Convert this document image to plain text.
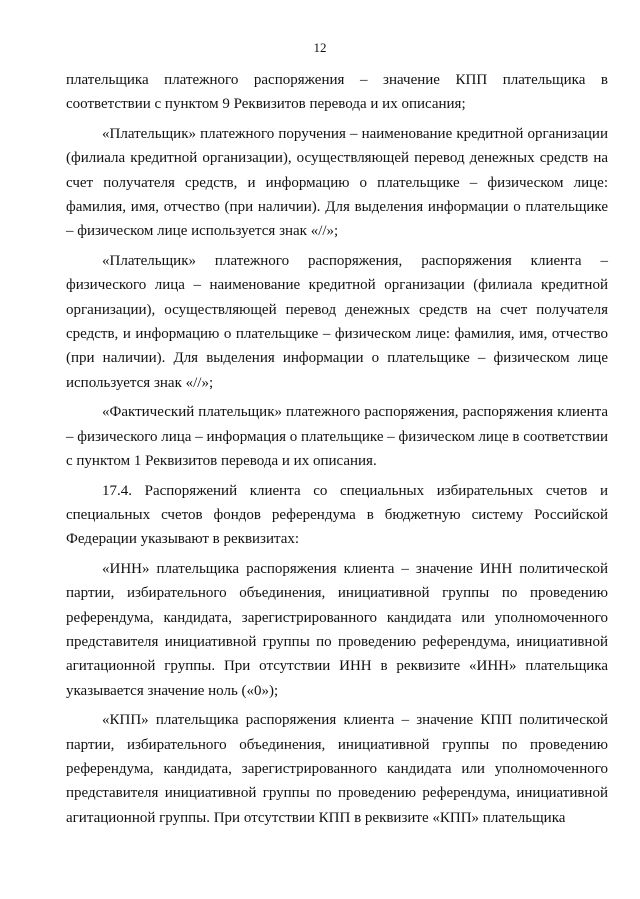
12

плательщика платежного распоряжения – значение КПП плательщика в соответствии с пунктом 9 Реквизитов перевода и их описания;

«Плательщик» платежного поручения – наименование кредитной организации (филиала кредитной организации), осуществляющей перевод денежных средств на счет получателя средств, и информацию о плательщике – физическом лице: фамилия, имя, отчество (при наличии). Для выделения информации о плательщике – физическом лице используется знак «//»;

«Плательщик» платежного распоряжения, распоряжения клиента – физического лица – наименование кредитной организации (филиала кредитной организации), осуществляющей перевод денежных средств на счет получателя средств, и информацию о плательщике – физическом лице: фамилия, имя, отчество (при наличии). Для выделения информации о плательщике – физическом лице используется знак «//»;

«Фактический плательщик» платежного распоряжения, распоряжения клиента – физического лица – информация о плательщике – физическом лице в соответствии с пунктом 1 Реквизитов перевода и их описания.

17.4. Распоряжений клиента со специальных избирательных счетов и специальных счетов фондов референдума в бюджетную систему Российской Федерации указывают в реквизитах:

«ИНН» плательщика распоряжения клиента – значение ИНН политической партии, избирательного объединения, инициативной группы по проведению референдума, кандидата, зарегистрированного кандидата или уполномоченного представителя инициативной группы по проведению референдума, инициативной агитационной группы. При отсутствии ИНН в реквизите «ИНН» плательщика указывается значение ноль («0»);

«КПП» плательщика распоряжения клиента – значение КПП политической партии, избирательного объединения, инициативной группы по проведению референдума, кандидата, зарегистрированного кандидата или уполномоченного представителя инициативной группы по проведению референдума, инициативной агитационной группы. При отсутствии КПП в реквизите «КПП» плательщика
